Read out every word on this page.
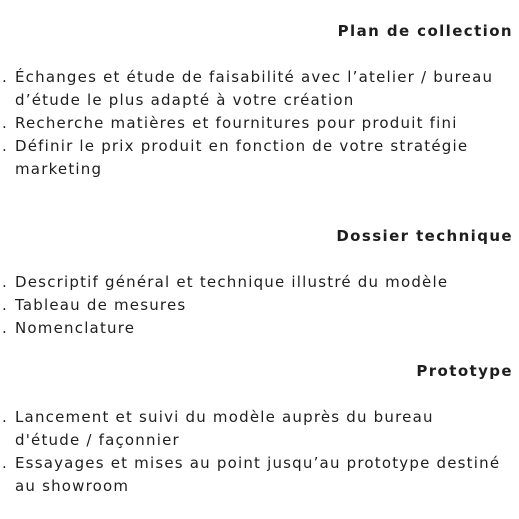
Plan de collection
. Échanges et étude de faisabilité avec l’atelier / bureau
d’étude le plus adapté à votre création
. Recherche matières et fournitures pour produit fini
. Définir le prix produit en fonction de votre stratégie
marketing
Dossier technique
. Descriptif général et technique illustré du modèle
. Tableau de mesures
. Nomenclature
Prototype
. Lancement et suivi du modèle auprès du bureau
d'étude / façonnier
. Essayages et mises au point jusqu’au prototype destiné
au showroom
